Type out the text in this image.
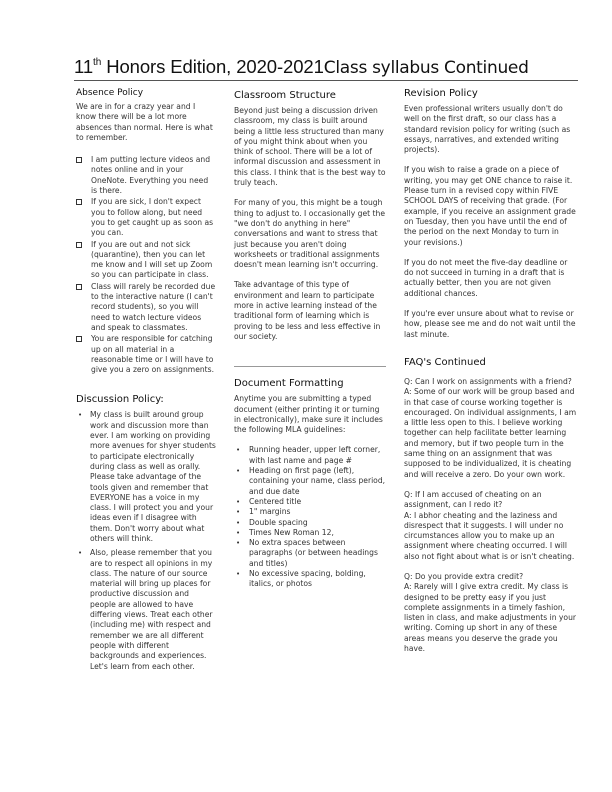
11th Honors Edition, 2020-2021Class syllabus Continued
Absence Policy

We are in for a crazy year and I know there will be a lot more absences than normal. Here is what to remember.

I am putting lecture videos and notes online and in your OneNote. Everything you need is there.
If you are sick, I don't expect you to follow along, but need you to get caught up as soon as you can.
If you are out and not sick (quarantine), then you can let me know and I will set up Zoom so you can participate in class.
Class will rarely be recorded due to the interactive nature (I can't record students), so you will need to watch lecture videos and speak to classmates.
You are responsible for catching up on all material in a reasonable time or I will have to give you a zero on assignments.
Discussion Policy:
• My class is built around group work and discussion more than ever. I am working on providing more avenues for shyer students to participate electronically during class as well as orally. Please take advantage of the tools given and remember that EVERYONE has a voice in my class. I will protect you and your ideas even if I disagree with them. Don't worry about what others will think.
• Also, please remember that you are to respect all opinions in my class. The nature of our source material will bring up places for productive discussion and people are allowed to have differing views. Treat each other (including me) with respect and remember we are all different people with different backgrounds and experiences. Let's learn from each other.
Classroom Structure

Beyond just being a discussion driven classroom, my class is built around being a little less structured than many of you might think about when you think of school. There will be a lot of informal discussion and assessment in this class. I think that is the best way to truly teach.

For many of you, this might be a tough thing to adjust to. I occasionally get the "we don't do anything in here" conversations and want to stress that just because you aren't doing worksheets or traditional assignments doesn't mean learning isn't occurring.

Take advantage of this type of environment and learn to participate more in active learning instead of the traditional form of learning which is proving to be less and less effective in our society.

Document Formatting

Anytime you are submitting a typed document (either printing it or turning in electronically), make sure it includes the following MLA guidelines:

• Running header, upper left corner, with last name and page #
• Heading on first page (left), containing your name, class period, and due date
• Centered title
• 1" margins
• Double spacing
• Times New Roman 12,
• No extra spaces between paragraphs (or between headings and titles)
• No excessive spacing, bolding, italics, or photos
Revision Policy

Even professional writers usually don't do well on the first draft, so our class has a standard revision policy for writing (such as essays, narratives, and extended writing projects).

If you wish to raise a grade on a piece of writing, you may get ONE chance to raise it. Please turn in a revised copy within FIVE SCHOOL DAYS of receiving that grade. (For example, if you receive an assignment grade on Tuesday, then you have until the end of the period on the next Monday to turn in your revisions.)

If you do not meet the five-day deadline or do not succeed in turning in a draft that is actually better, then you are not given additional chances.

If you're ever unsure about what to revise or how, please see me and do not wait until the last minute.

FAQ's Continued
Q: Can I work on assignments with a friend?
A: Some of our work will be group based and in that case of course working together is encouraged. On individual assignments, I am a little less open to this. I believe working together can help facilitate better learning and memory, but if two people turn in the same thing on an assignment that was supposed to be individualized, it is cheating and will receive a zero. Do your own work.
Q: If I am accused of cheating on an assignment, can I redo it?
A: I abhor cheating and the laziness and disrespect that it suggests. I will under no circumstances allow you to make up an assignment where cheating occurred. I will also not fight about what is or isn't cheating.
Q: Do you provide extra credit?
A: Rarely will I give extra credit. My class is designed to be pretty easy if you just complete assignments in a timely fashion, listen in class, and make adjustments in your writing. Coming up short in any of these areas means you deserve the grade you have.
